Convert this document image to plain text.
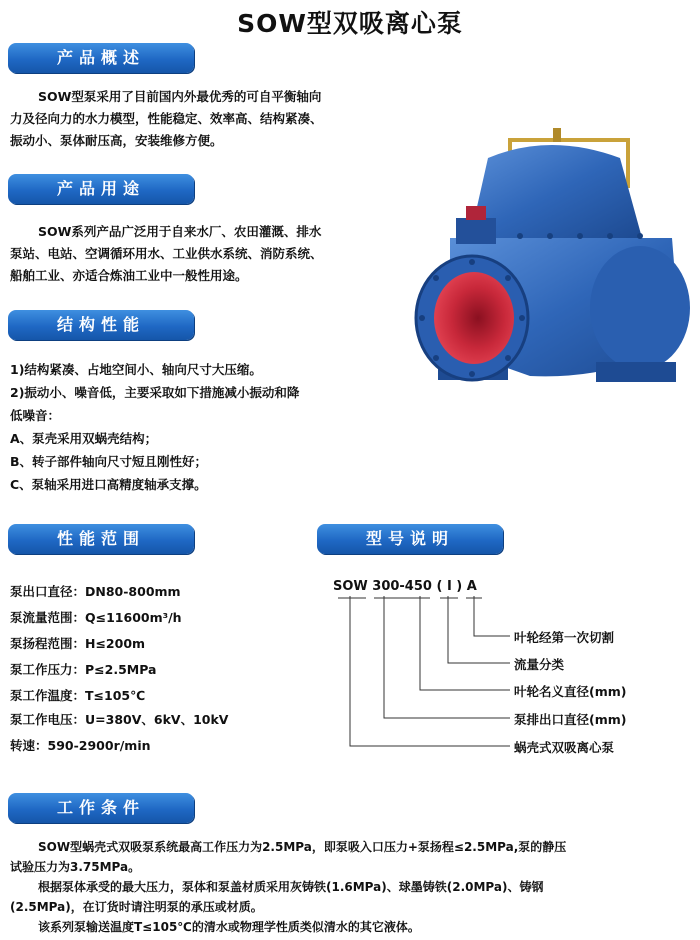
SOW型双吸离心泵
产品概述
SOW型泵采用了目前国内外最优秀的可自平衡轴向
力及径向力的水力模型，性能稳定、效率高、结构紧凑、
振动小、泵体耐压高，安装维修方便。
产品用途
SOW系列产品广泛用于自来水厂、农田灌溉、排水
泵站、电站、空调循环用水、工业供水系统、消防系统、
船舶工业、亦适合炼油工业中一般性用途。
结构性能
1)结构紧凑、占地空间小、轴向尺寸大压缩。
2)振动小、噪音低，主要采取如下措施减小振动和降
低噪音：
A、泵壳采用双蜗壳结构；
B、转子部件轴向尺寸短且刚性好；
C、泵轴采用进口高精度轴承支撑。
性能范围
泵出口直径：DN80-800mm
泵流量范围：Q≤11600m³/h
泵扬程范围：H≤200m
泵工作压力：P≤2.5MPa
泵工作温度：T≤105℃
泵工作电压：U=380V、6kV、10kV
转速：590-2900r/min
型号说明
SOW 300-450 ( I ) A
叶轮经第一次切割
流量分类
叶轮名义直径(mm)
泵排出口直径(mm)
蜗壳式双吸离心泵
工作条件
SOW型蜗壳式双吸泵系统最高工作压力为2.5MPa，即泵吸入口压力+泵扬程≤2.5MPa,泵的静压
试验压力为3.75MPa。
根据泵体承受的最大压力，泵体和泵盖材质采用灰铸铁(1.6MPa)、球墨铸铁(2.0MPa)、铸钢
(2.5MPa)，在订货时请注明泵的承压或材质。
该系列泵输送温度T≤105℃的清水或物理学性质类似清水的其它液体。
